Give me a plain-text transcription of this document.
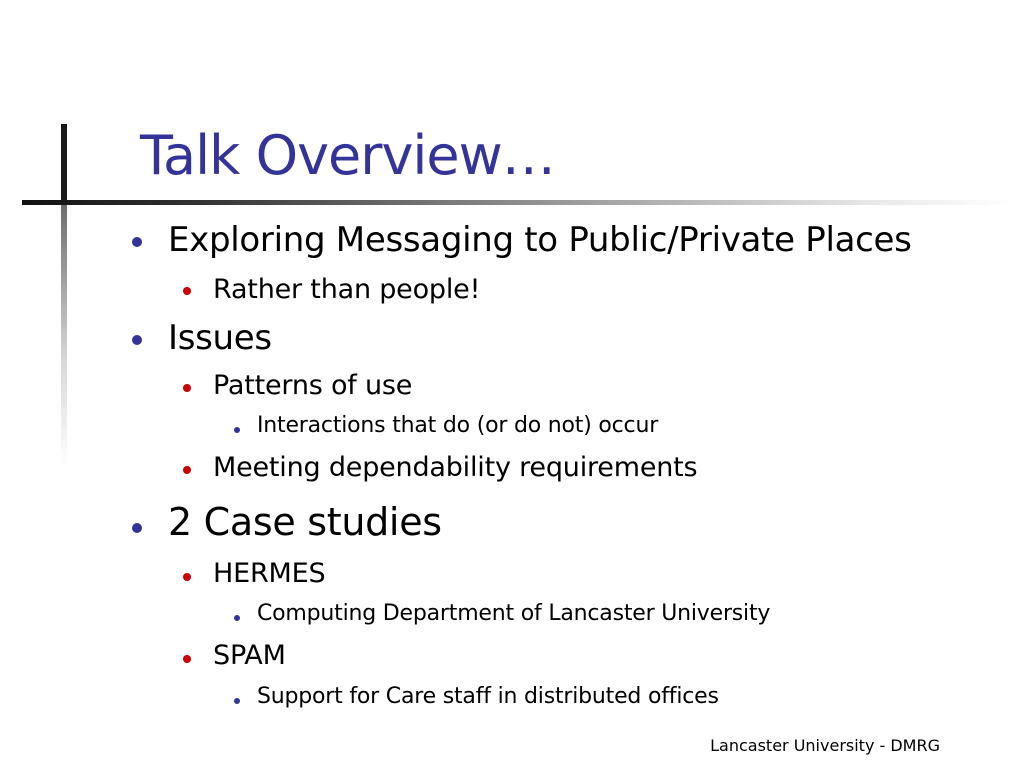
Talk Overview…
Exploring Messaging to Public/Private Places
Rather than people!
Issues
Patterns of use
Interactions that do (or do not) occur
Meeting dependability requirements
2 Case studies
HERMES
Computing Department of Lancaster University
SPAM
Support for Care staff in distributed offices
Lancaster University - DMRG
